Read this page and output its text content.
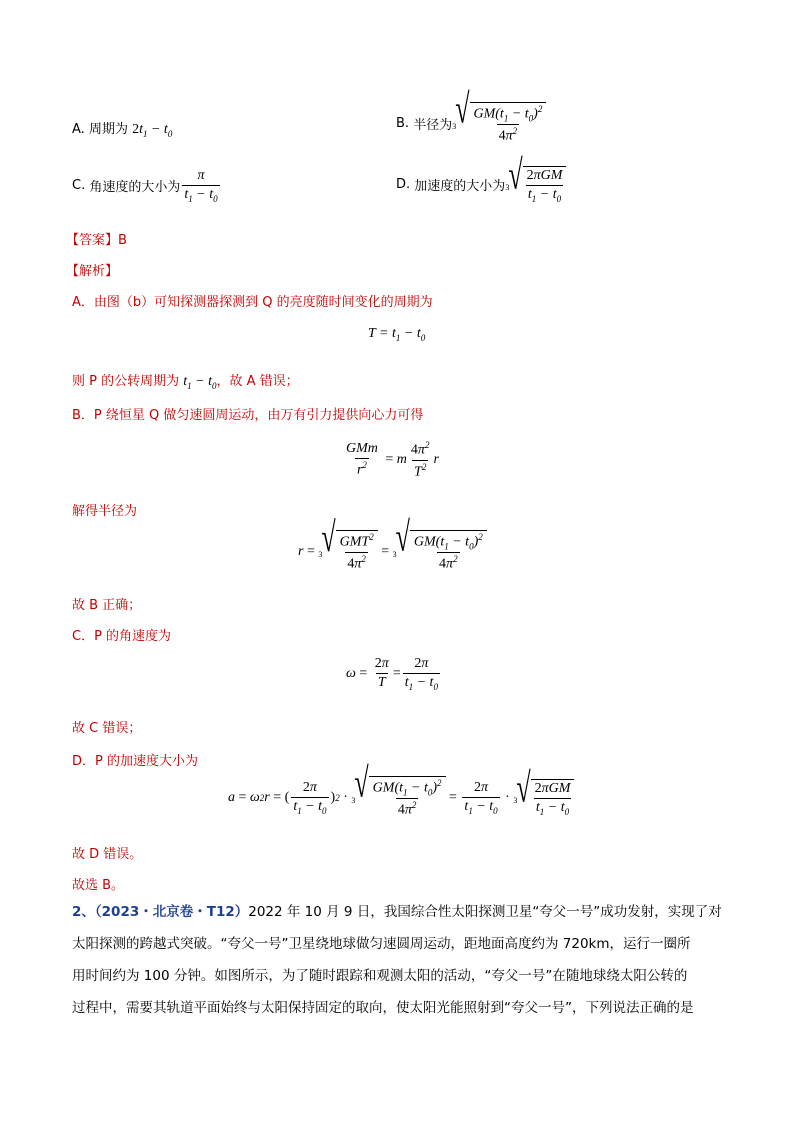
A. 周期为 $2t_1 - t_0$
B.
半径为 3 √ $\frac{GM(t_1 - t_0)^2}{4\pi^2}$
C.
角速度的大小为 $\frac{\pi}{t_1 - t_0}$	D.
加速度的大小为 3 √ $\frac{\text{2πGM}}{t_1 - t_0}$
【答案】B
【解析】
A．由图（b）可知探测器探测到 Q 的亮度随时间变化的周期为
$T = t_1 - t_0$
则 P 的公转周期为 $t_1 - t_0$，故 A 错误；
B．P 绕恒星 Q 做匀速圆周运动，由万有引力提供向心力可得
$\frac{\text{GMm}}{r^2} = m \frac{4\pi^2}{T^2}$ r
解得半径为
r = 3 √ $\frac{GMT^2}{4\pi^2} = 3$ √ $\frac{GM(t_1 - t_0)^2}{4\pi^2}$
故 B 正确；
C．P 的角速度为
$\omega = \frac{2\pi}{T} = \frac{2\pi}{t_1 - t_0}$
故 C 错误；
D．P 的加速度大小为
a = ω 2 r = ( $\frac{2\pi}{t_1 - t_0}$ ) 2 · 3 √ $\frac{GM(t_1 - t_0)^2}{4\pi^2} = \frac{2\pi}{t_1 - t_0} \cdot 3$ √ $\frac{\text{2πGM}}{t_1 - t_0}$
故 D 错误。
故选 B。
2、（2023・北京卷・T12）2022 年 10 月 9 日，我国综合性太阳探测卫星“夸父一号”成功发射，实现了对
太阳探测的跨越式突破。“夸父一号”卫星绕地球做匀速圆周运动，距地面高度约为 720km，运行一圈所
用时间约为 100 分钟。如图所示，为了随时跟踪和观测太阳的活动，“夸父一号”在随地球绕太阳公转的
过程中，需要其轨道平面始终与太阳保持固定的取向，使太阳光能照射到“夸父一号”，下列说法正确的是
